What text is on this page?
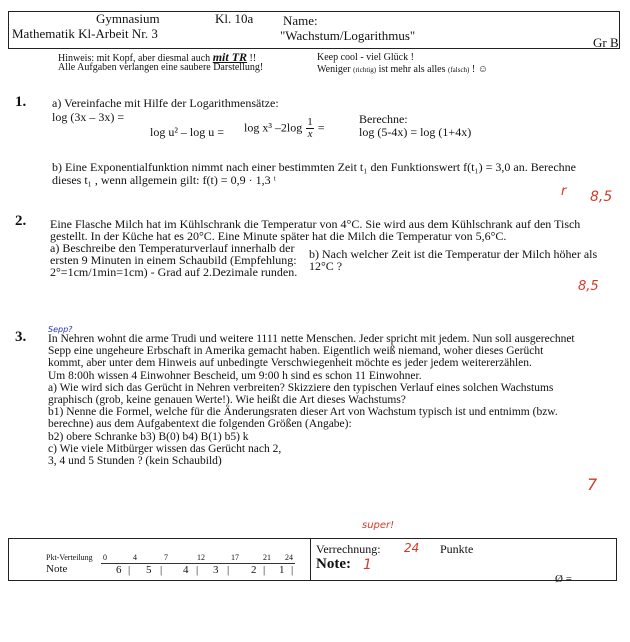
Gymnasium
Mathematik Kl-Arbeit Nr. 3
Kl. 10a Name:
"Wachstum/Logarithmus"	Gr B
Hinweis: mit Kopf, aber diesmal auch mit TR !!
Alle Aufgaben verlangen eine saubere Darstellung!
Keep cool - viel Glück !
Weniger (richtig) ist mehr als alles (falsch) ! ☺
1. a) Vereinfache mit Hilfe der Logarithmensätze:
log (3x – 3x) =
log u² – log u = log x³ $-2\log \frac{1}{x}$ =
Berechne:
log (5-4x) = log (1+4x)
b) Eine Exponentialfunktion nimmt nach einer bestimmten Zeit t₁ den Funktionswert f(t₁) = 3,0 an. Berechne
dieses t₁ , wenn allgemein gilt: f(t) = 0,9 · 1,3 ᵗ
r 8,5
2. Eine Flasche Milch hat im Kühlschrank die Temperatur von 4°C. Sie wird aus dem Kühlschrank auf den Tisch
gestellt. In der Küche hat es 20°C. Eine Minute später hat die Milch die Temperatur von 5,6°C.
a) Beschreibe den Temperaturverlauf innerhalb der
ersten 9 Minuten in einem Schaubild (Empfehlung:
2°=1cm/1min=1cm) - Grad auf 2.Dezimale runden.
b) Nach welcher Zeit ist die Temperatur der Milch höher als
12°C ?
8,5
3.	Sepp?
In Nehren wohnt die arme Trudi und weitere 1111 nette Menschen. Jeder spricht mit jedem. Nun soll ausgerechnet
Sepp eine ungeheure Erbschaft in Amerika gemacht haben. Eigentlich weiß niemand, woher dieses Gerücht
kommt, aber unter dem Hinweis auf unbedingte Verschwiegenheit möchte es jeder jedem weitererzählen.
Um 8:00h wissen 4 Einwohner Bescheid, um 9:00 h sind es schon 11 Einwohner.
a) Wie wird sich das Gerücht in Nehren verbreiten? Skizziere den typischen Verlauf eines solchen Wachstums
graphisch (grob, keine genauen Werte!). Wie heißt die Art dieses Wachstums?
b1) Nenne die Formel, welche für die Änderungsraten dieser Art von Wachstum typisch ist und entnimm (bzw.
berechne) aus dem Aufgabentext die folgenden Größen (Angabe):
b2) obere Schranke b3) B(0) b4) B(1) b5) k
c) Wie viele Mitbürger wissen das Gerücht nach 2,
3, 4 und 5 Stunden ? (kein Schaubild)
7
super!
Pkt-Verteilung 0	4	7	12	17	21 24
Note	6 | 5 | 4 | 3 | 2 | 1 |
Verrechnung: 24 Punkte
Note: 1
Ø =
